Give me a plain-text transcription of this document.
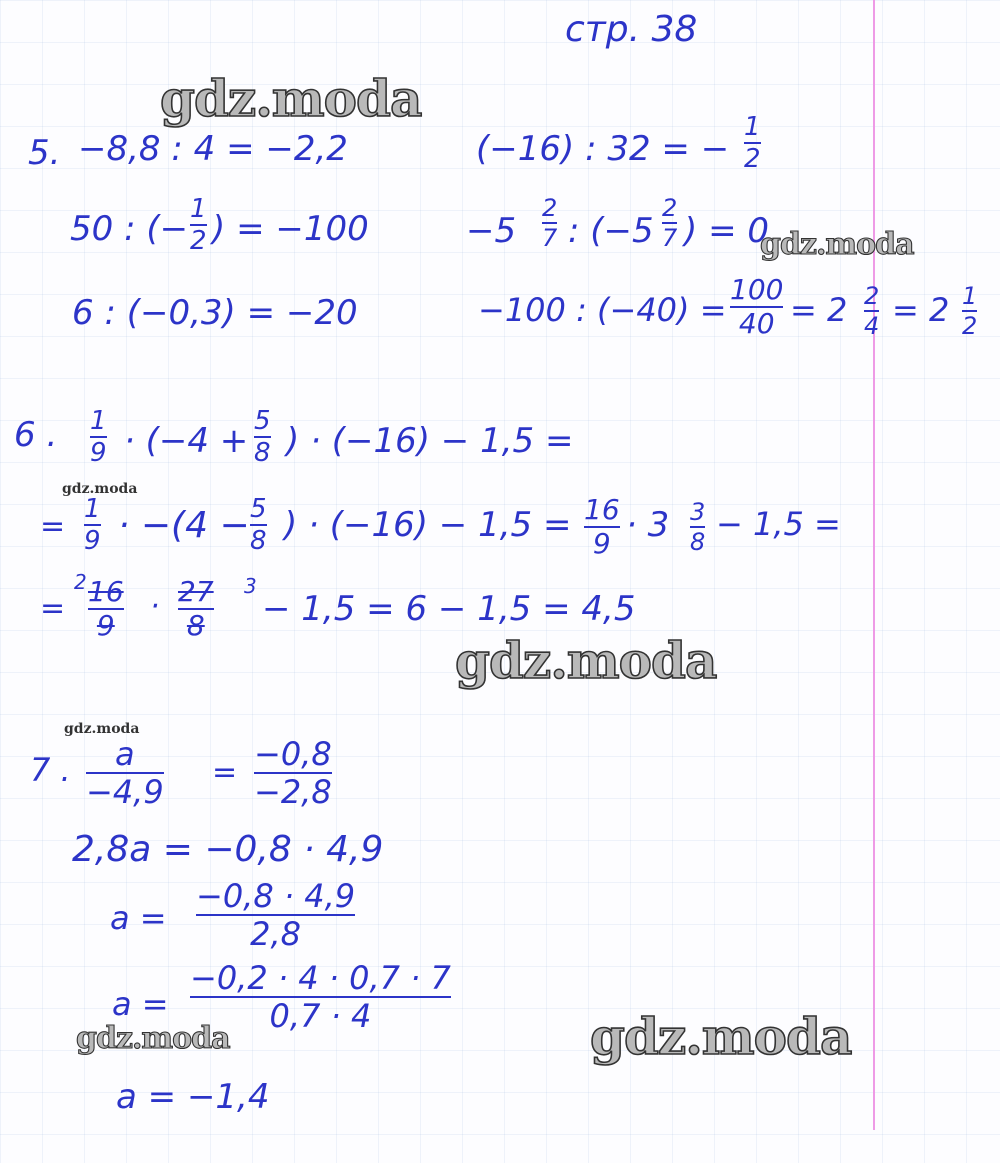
стр. 38
gdz.moda
gdz.moda
gdz.moda
gdz.moda
gdz.moda
gdz.moda	gdz.moda
5. −8,8 : 4 = −2,2
50 : (− 1
2 ) = −100
6 : (−0,3) = −20
(−16) : 32 = −
1
2
−5
2
7 : (−5
2
7 ) = 0
−100 : (−40) =
100
40 = 2 2
4 = 2 1
2
6 . 1
9 · (−4 + 5
8 ) · (−16) − 1,5 =
= 1
9 · −(4 − 5
8 ) · (−16) − 1,5 = 16
9 · 3 3
8 − 1,5 =
=
2 16
9
· 27
8
3
− 1,5 = 6 − 1,5 = 4,5
7 . a
−4,9
= −0,8
−2,8
2,8a = −0,8 · 4,9
a =
−0,8 · 4,9
2,8
a =
−0,2 · 4 · 0,7 · 7
0,7 · 4
a = −1,4
